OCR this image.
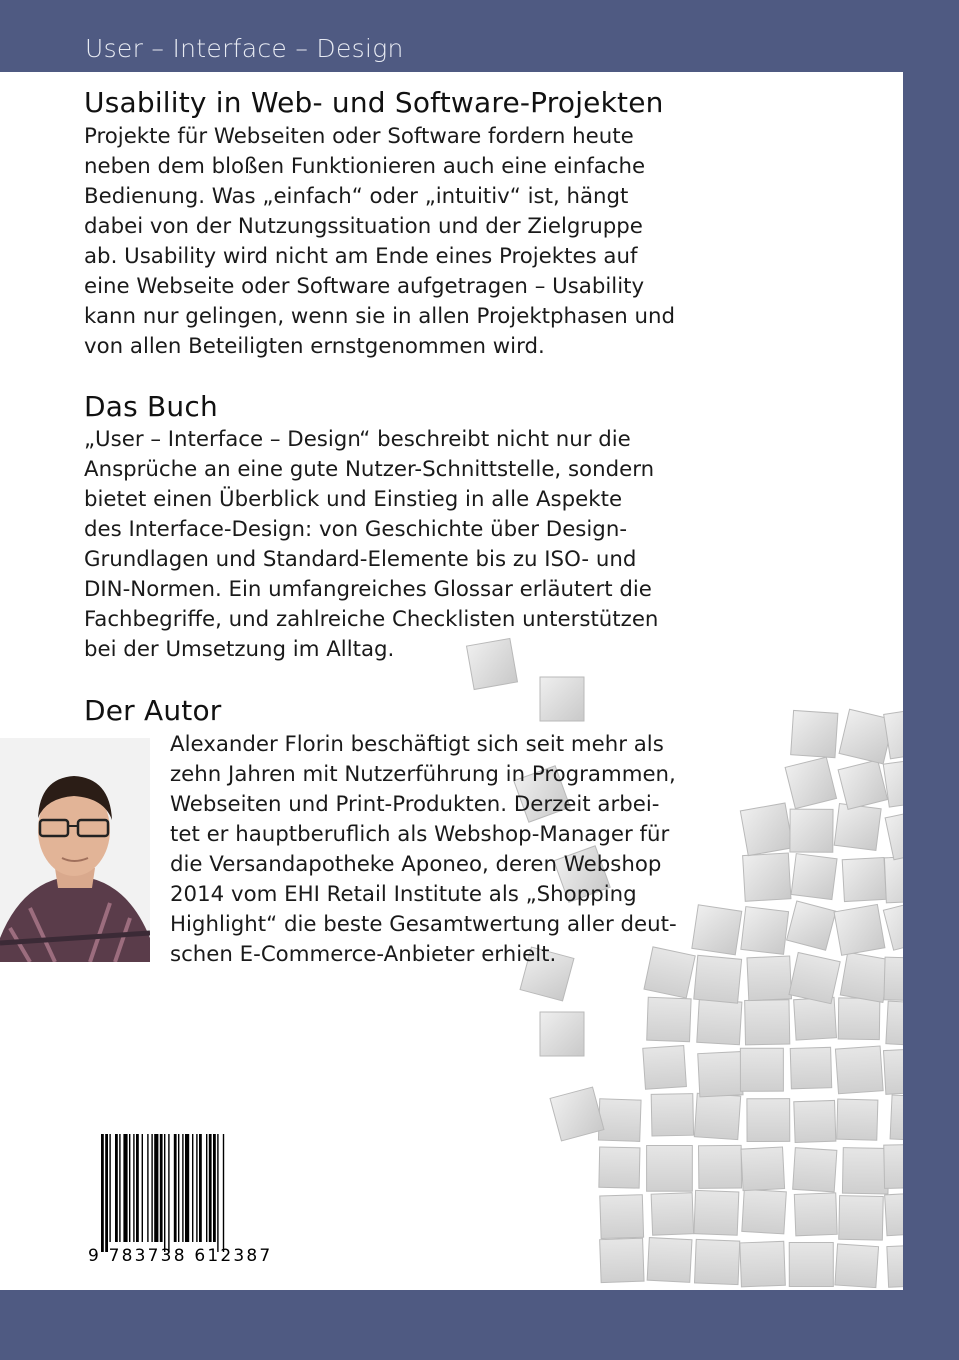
User – Interface – Design
Usability in Web- und Software-Projekten

Projekte für Webseiten oder Software fordern heute
neben dem bloßen Funktionieren auch eine einfache
Bedienung. Was „einfach“ oder „intuitiv“ ist, hängt
dabei von der Nutzungssituation und der Zielgruppe
ab. Usability wird nicht am Ende eines Projektes auf
eine Webseite oder Software aufgetragen – Usability
kann nur gelingen, wenn sie in allen Projektphasen und
von allen Beteiligten ernstgenommen wird.

Das Buch

„User – Interface – Design“ beschreibt nicht nur die
Ansprüche an eine gute Nutzer-Schnittstelle, sondern
bietet einen Überblick und Einstieg in alle Aspekte
des Interface-Design: von Geschichte über Design-
Grundlagen und Standard-Elemente bis zu ISO- und
DIN-Normen. Ein umfangreiches Glossar erläutert die
Fachbegriffe, und zahlreiche Checklisten unterstützen
bei der Umsetzung im Alltag.

Der Autor

Alexander Florin beschäftigt sich seit mehr als
zehn Jahren mit Nutzerführung in Programmen,
Webseiten und Print-Produkten. Derzeit arbei-
tet er hauptberuflich als Webshop-Manager für
die Versandapotheke Aponeo, deren Webshop
2014 vom EHI Retail Institute als „Shopping
Highlight“ die beste Gesamtwertung aller deut-
schen E-Commerce-Anbieter erhielt.

9 783738 612387
